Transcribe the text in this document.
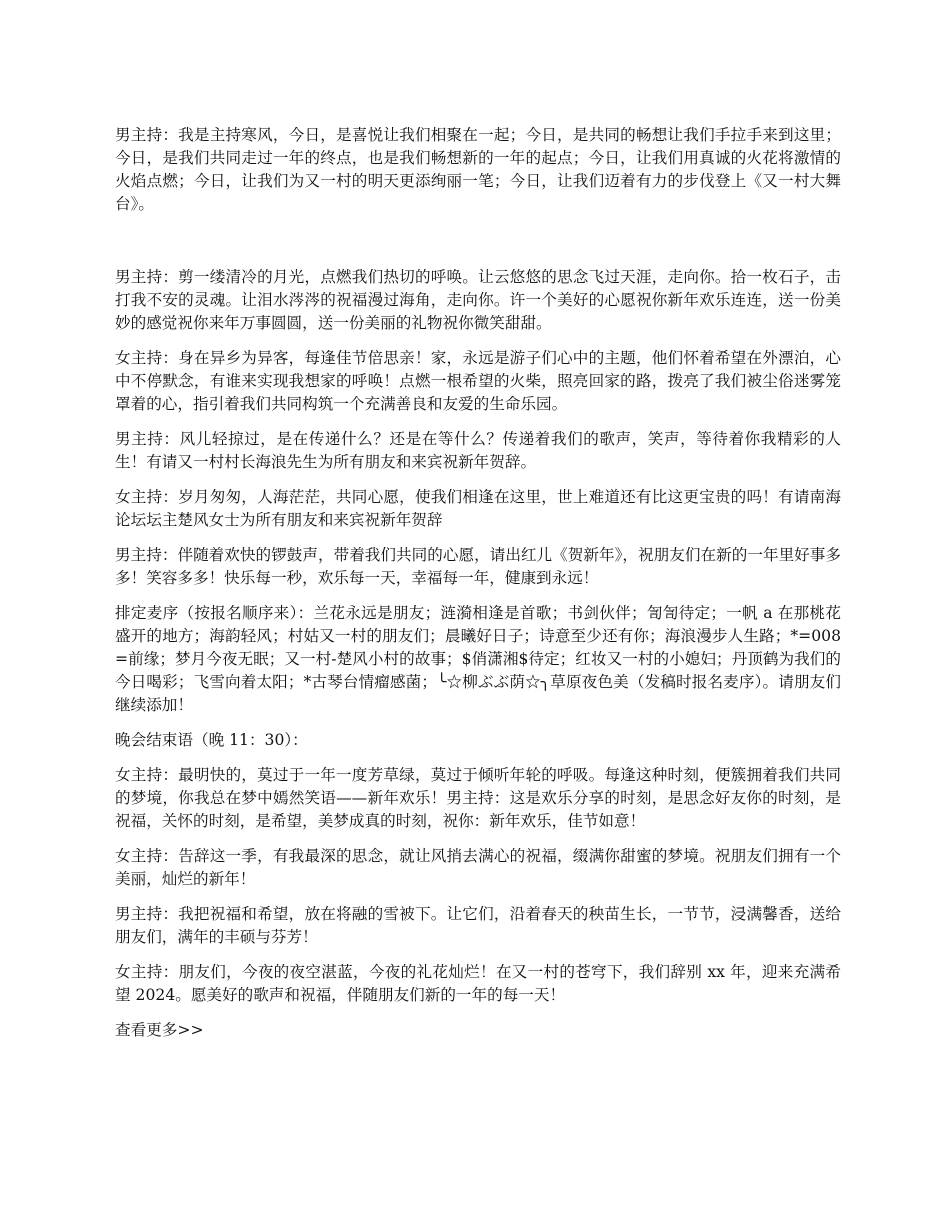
男主持：我是主持寒风，今日，是喜悦让我们相聚在一起；今日，是共同的畅想让我们手拉手来到这里；今日，是我们共同走过一年的终点，也是我们畅想新的一年的起点；今日，让我们用真诚的火花将激情的火焰点燃；今日，让我们为又一村的明天更添绚丽一笔；今日，让我们迈着有力的步伐登上《又一村大舞台》。

男主持：剪一缕清冷的月光，点燃我们热切的呼唤。让云悠悠的思念飞过天涯，走向你。拾一枚石子，击打我不安的灵魂。让泪水涔涔的祝福漫过海角，走向你。许一个美好的心愿祝你新年欢乐连连，送一份美妙的感觉祝你来年万事圆圆，送一份美丽的礼物祝你微笑甜甜。

女主持：身在异乡为异客，每逢佳节倍思亲！家，永远是游子们心中的主题，他们怀着希望在外漂泊，心中不停默念，有谁来实现我想家的呼唤！点燃一根希望的火柴，照亮回家的路，拨亮了我们被尘俗迷雾笼罩着的心，指引着我们共同构筑一个充满善良和友爱的生命乐园。

男主持：风儿轻掠过，是在传递什么？还是在等什么？传递着我们的歌声，笑声，等待着你我精彩的人生！有请又一村村长海浪先生为所有朋友和来宾祝新年贺辞。

女主持：岁月匆匆，人海茫茫，共同心愿，使我们相逢在这里，世上难道还有比这更宝贵的吗！有请南海论坛坛主楚风女士为所有朋友和来宾祝新年贺辞

男主持：伴随着欢快的锣鼓声，带着我们共同的心愿，请出红儿《贺新年》，祝朋友们在新的一年里好事多多！笑容多多！快乐每一秒，欢乐每一天，幸福每一年，健康到永远！

排定麦序（按报名顺序来）：兰花永远是朋友；涟漪相逢是首歌；书剑伙伴；訇訇待定；一帆 a 在那桃花盛开的地方；海韵轻风；村姑又一村的朋友们；晨曦好日子；诗意至少还有你；海浪漫步人生路；*=008=前缘；梦月今夜无眠；又一村-楚风小村的故事；$俏潇湘$待定；红妆又一村的小媳妇；丹顶鹤为我们的今日喝彩；飞雪向着太阳；*古琴台情瘤感菌；╰☆柳ぶぶ荫☆╮草原夜色美（发稿时报名麦序）。请朋友们继续添加！

晚会结束语（晚 11：30）：

女主持：最明快的，莫过于一年一度芳草绿，莫过于倾听年轮的呼吸。每逢这种时刻，便簇拥着我们共同的梦境，你我总在梦中嫣然笑语——新年欢乐！男主持：这是欢乐分享的时刻，是思念好友你的时刻，是祝福，关怀的时刻，是希望，美梦成真的时刻，祝你：新年欢乐，佳节如意！

女主持：告辞这一季，有我最深的思念，就让风捎去满心的祝福，缀满你甜蜜的梦境。祝朋友们拥有一个美丽，灿烂的新年！

男主持：我把祝福和希望，放在将融的雪被下。让它们，沿着春天的秧苗生长，一节节，浸满馨香，送给朋友们，满年的丰硕与芬芳！

女主持：朋友们，今夜的夜空湛蓝，今夜的礼花灿烂！在又一村的苍穹下，我们辞别 xx 年，迎来充满希望 2024。愿美好的歌声和祝福，伴随朋友们新的一年的每一天！

查看更多>>
